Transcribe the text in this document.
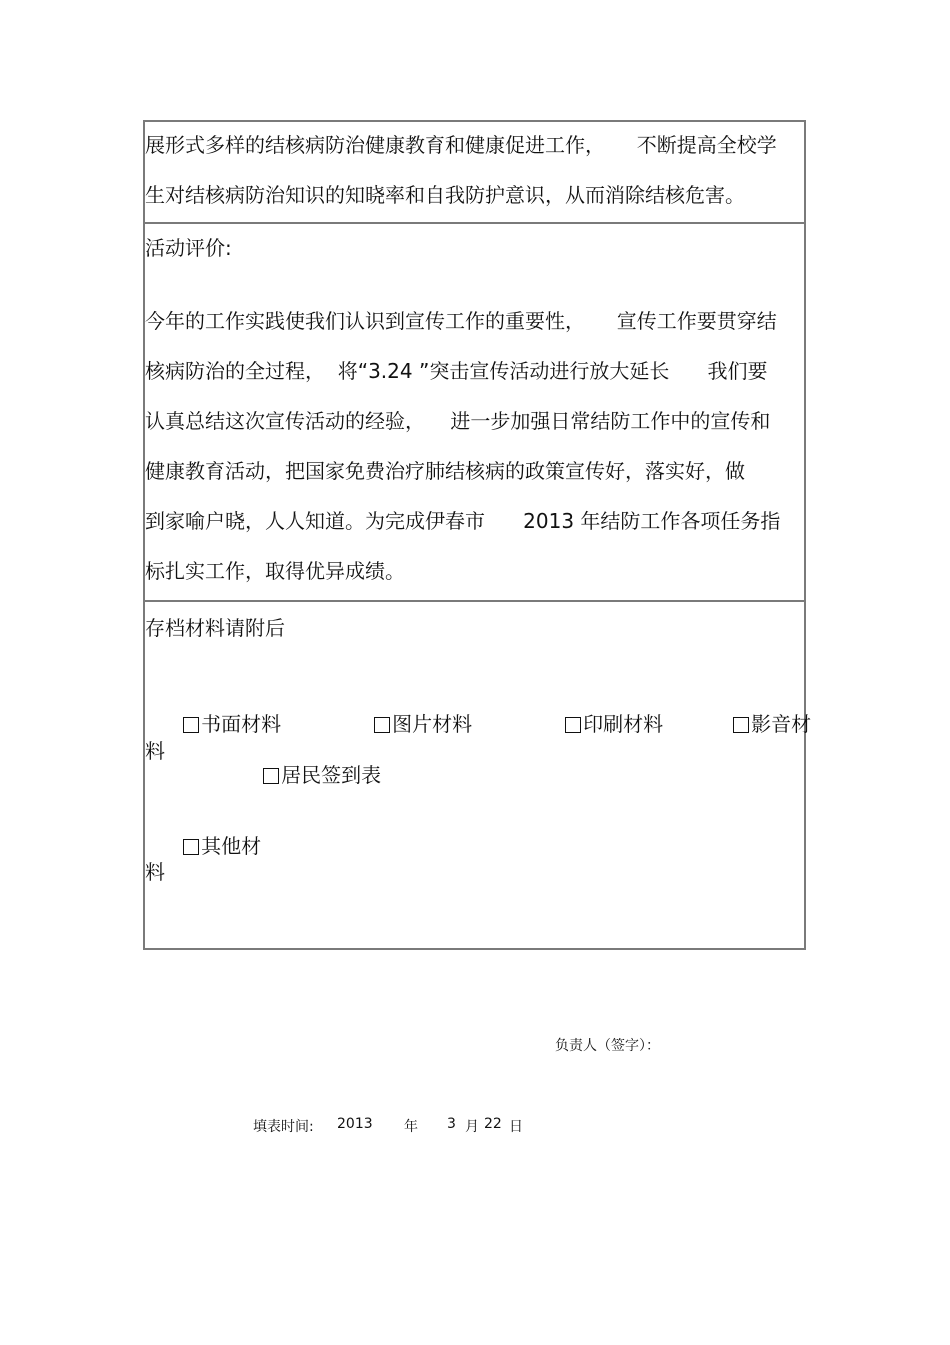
展形式多样的结核病防治健康教育和健康促进工作，     不断提高全校学
生对结核病防治知识的知晓率和自我防护意识，从而消除结核危害。
活动评价:
今年的工作实践使我们认识到宣传工作的重要性，     宣传工作要贯穿结
核病防治的全过程，  将“3.24 ”突击宣传活动进行放大延长      我们要
认真总结这次宣传活动的经验，    进一步加强日常结防工作中的宣传和
健康教育活动，把国家免费治疗肺结核病的政策宣传好，落实好，做
到家喻户晓，人人知道。为完成伊春市      2013 年结防工作各项任务指
标扎实工作，取得优异成绩。
存档材料请附后

书面材料
	图片材料
	印刷材料
	影音材

料

居民签到表

其他材

料
负责人（签字）：
填表时间: 2013 年 3 月 22 日
